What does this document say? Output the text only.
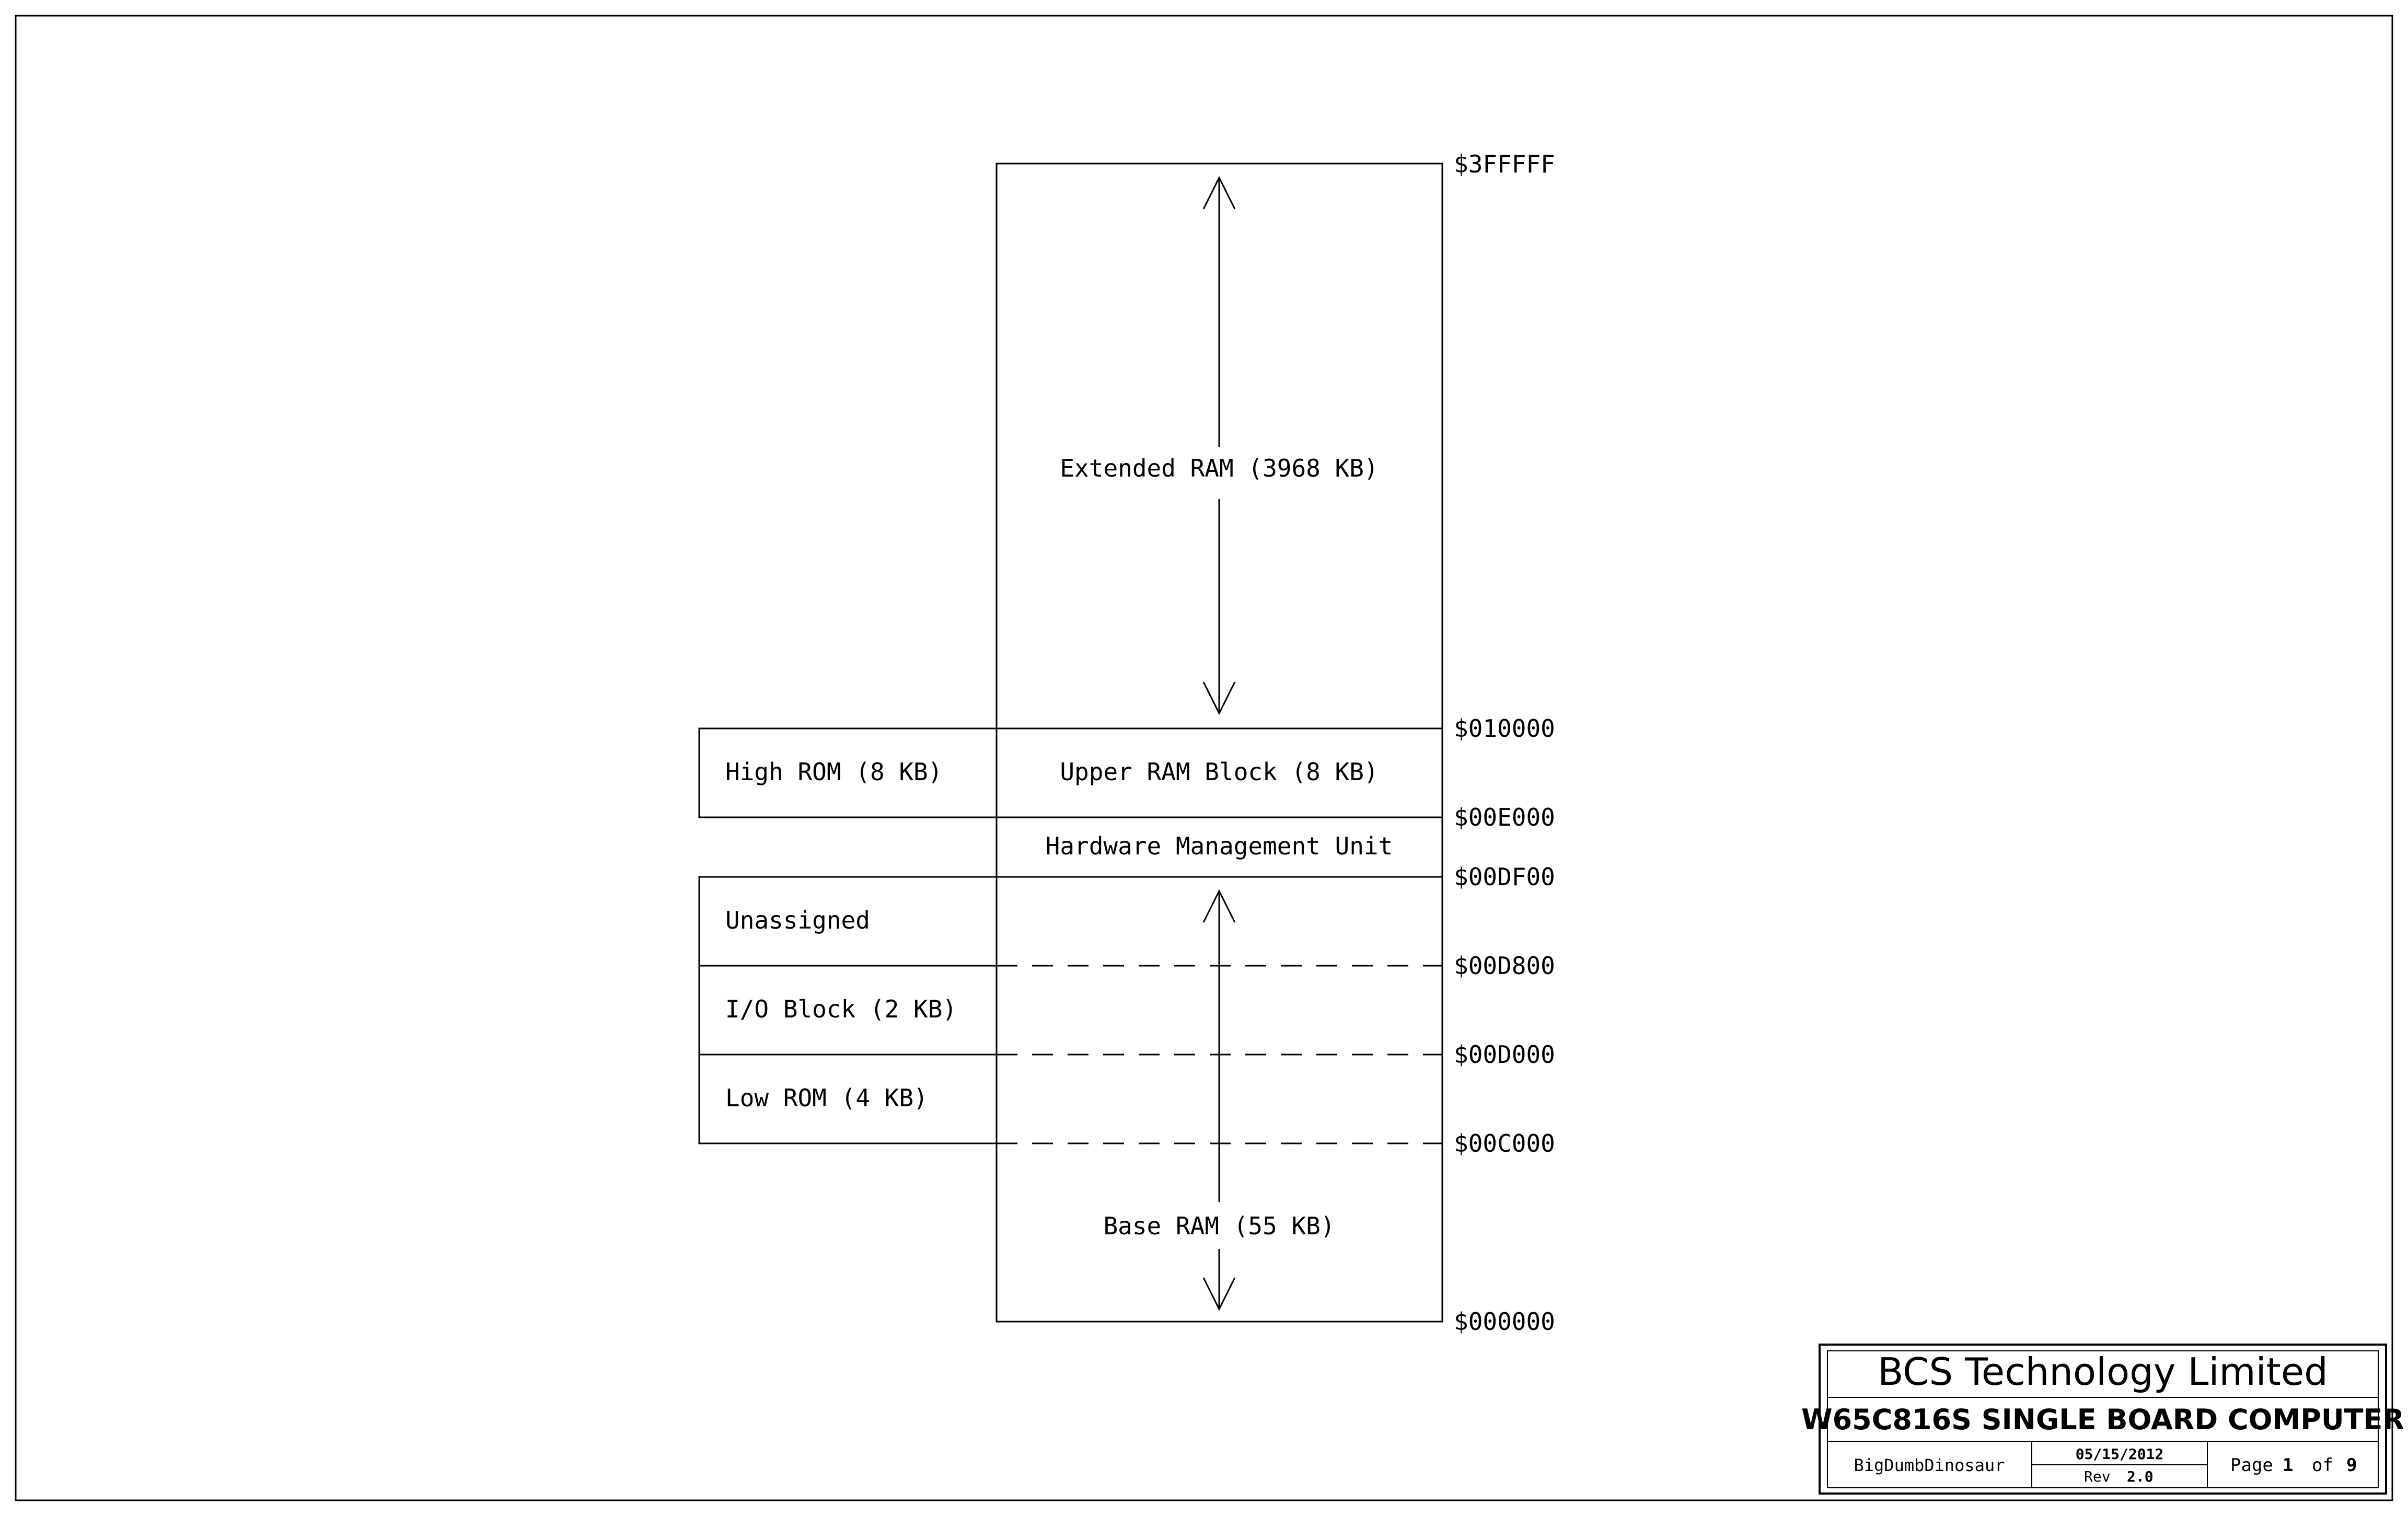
Extended RAM (3968 KB)
Upper RAM Block (8 KB)
High ROM (8 KB)
Hardware Management Unit
Unassigned
I/O Block (2 KB)
Low ROM (4 KB)
Base RAM (55 KB)
$3FFFFF
$010000
$00E000
$00DF00
$00D800
$00D000
$00C000
$000000
BCS Technology Limited
W65C816S SINGLE BOARD COMPUTER
BigDumbDinosaur
05/15/2012
Rev 2.0
Page 1 of 9
